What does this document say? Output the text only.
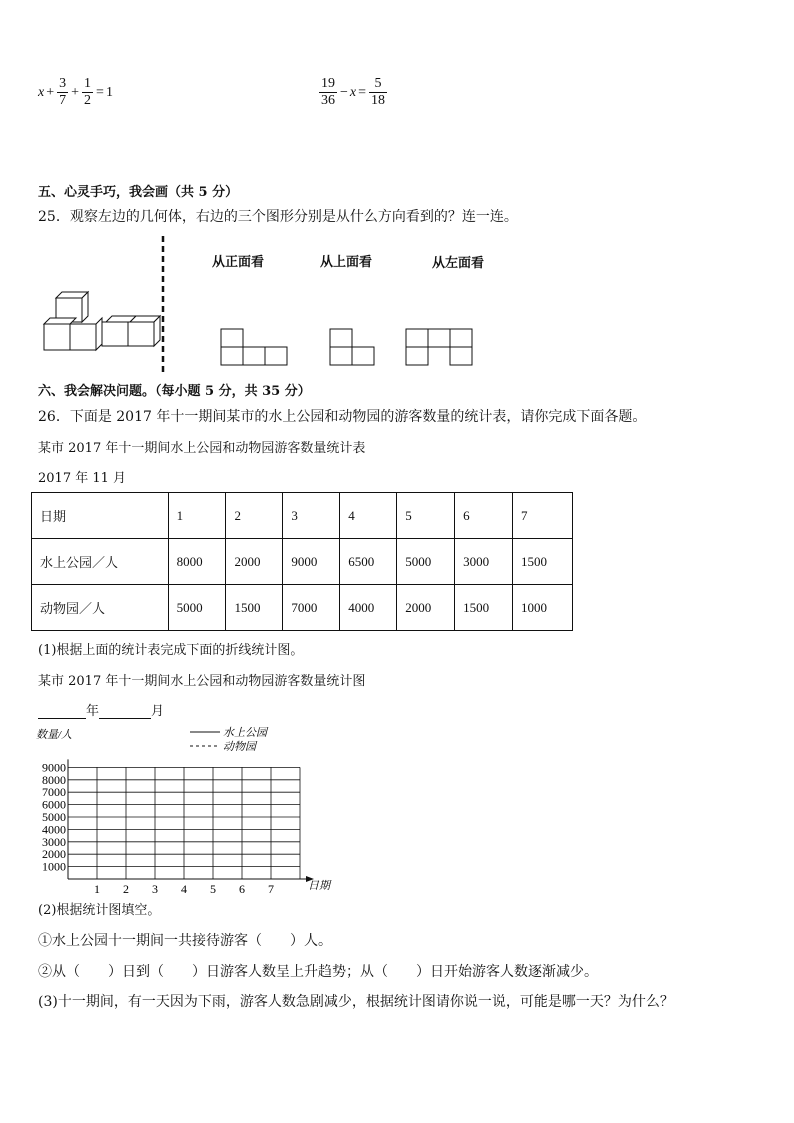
$x + \frac{3}{7} + \frac{1}{2} = 1$	$\frac{19}{36} - x = \frac{5}{18}$
五、心灵手巧，我会画（共 5 分）
25．观察左边的几何体，右边的三个图形分别是从什么方向看到的？连一连。
从正面看	从上面看	从左面看
六、我会解决问题。（每小题 5 分，共 35 分）
26．下面是 2017 年十一期间某市的水上公园和动物园的游客数量的统计表，请你完成下面各题。
某市 2017 年十一期间水上公园和动物园游客数量统计表
2017 年 11 月
日期	1	2	3	4	5	6	7
水上公园／人	8000	2000	9000	6500	5000	3000	1500
动物园／人	5000	1500	7000	4000	2000	1500	1000
(1)根据上面的统计表完成下面的折线统计图。
某市 2017 年十一期间水上公园和动物园游客数量统计图
年	月
1000
2000
3000
4000
5000
6000
7000
8000
9000
1 2 3 4 5 6 7
数量/人
日期
水上公园
动物园
(2)根据统计图填空。
①水上公园十一期间一共接待游客（　　）人。
②从（　　）日到（　　）日游客人数呈上升趋势；从（　　）日开始游客人数逐渐减少。
(3)十一期间，有一天因为下雨，游客人数急剧减少，根据统计图请你说一说，可能是哪一天？为什么？
